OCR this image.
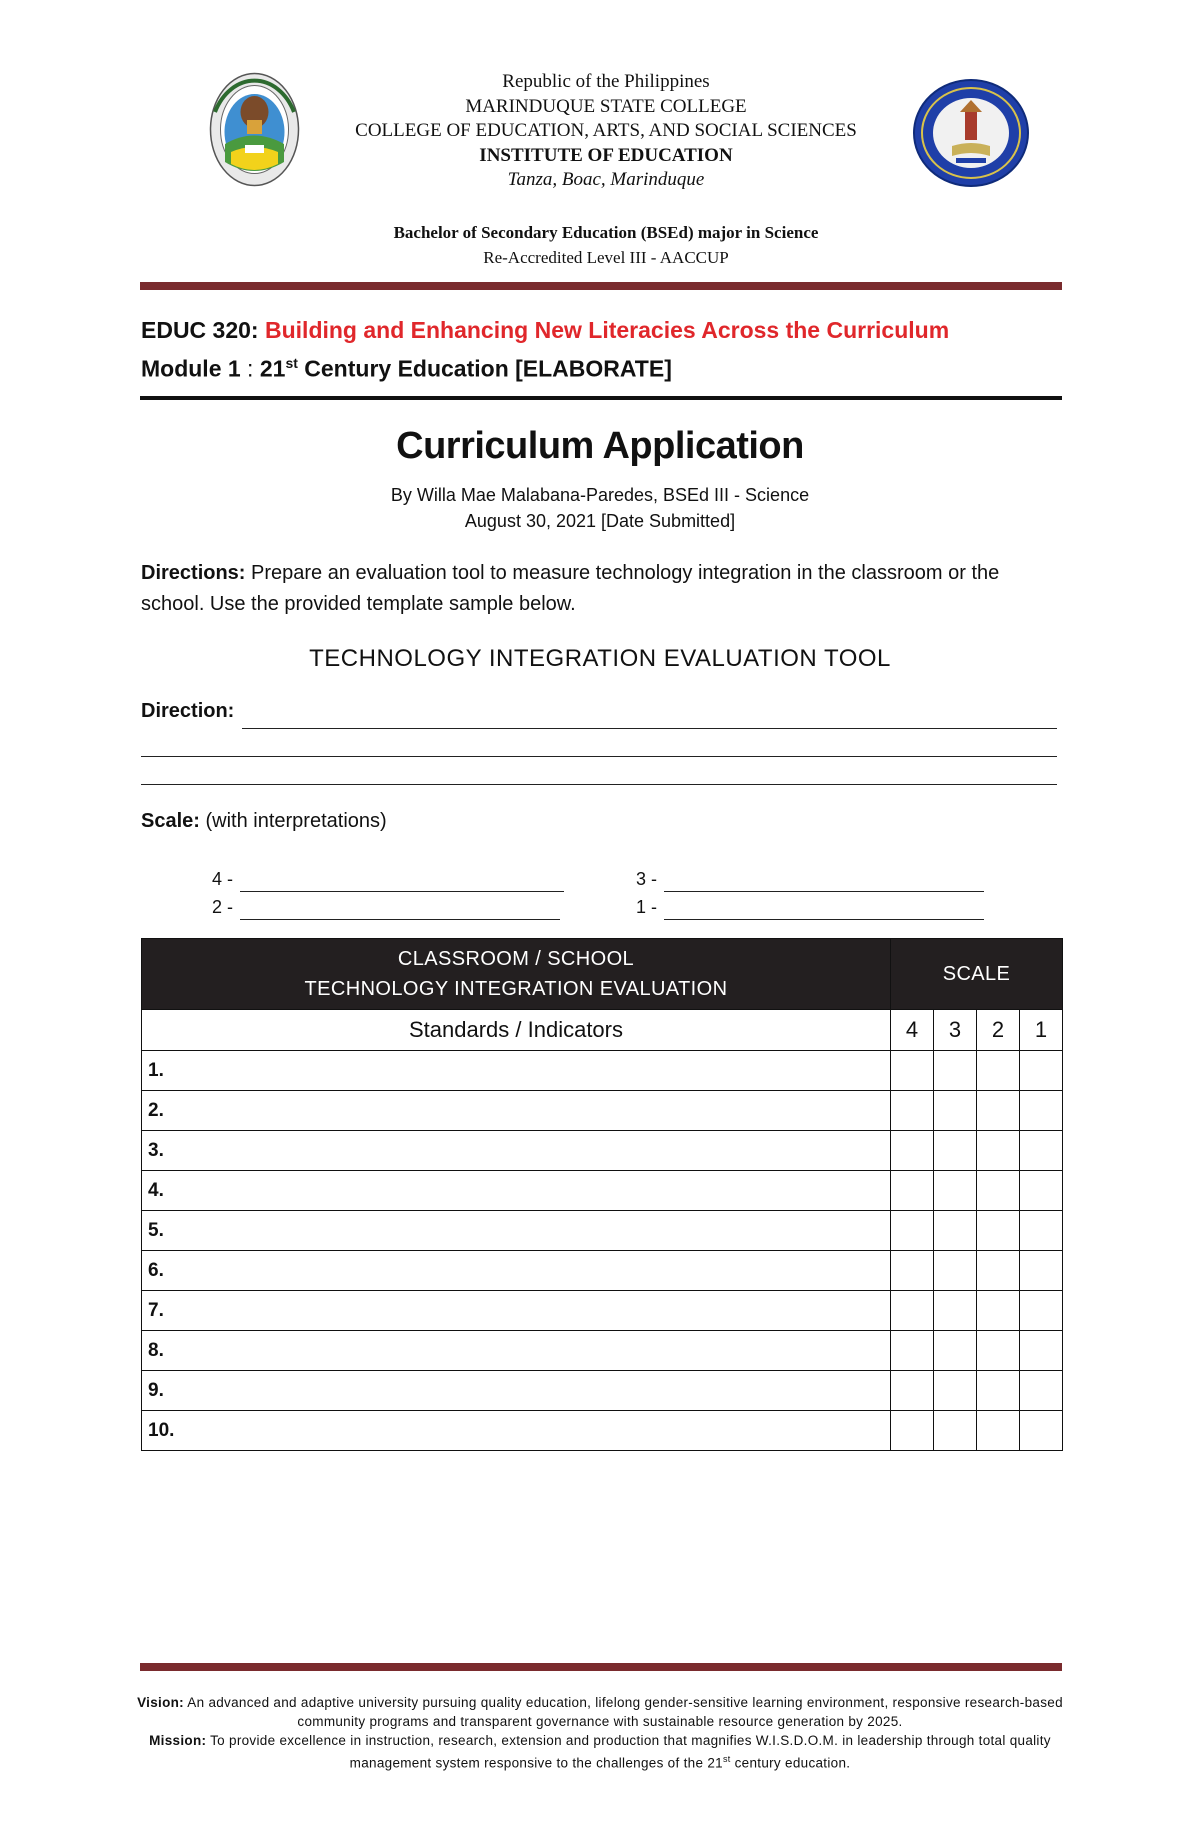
Republic of the Philippines
MARINDUQUE STATE COLLEGE
COLLEGE OF EDUCATION, ARTS, AND SOCIAL SCIENCES
INSTITUTE OF EDUCATION
Tanza, Boac, Marinduque
Bachelor of Secondary Education (BSEd) major in Science
Re-Accredited Level III - AACCUP
EDUC 320: Building and Enhancing New Literacies Across the Curriculum
Module 1 : 21st Century Education [ELABORATE]
Curriculum Application
By Willa Mae Malabana-Paredes, BSEd III - Science
August 30, 2021 [Date Submitted]
Directions: Prepare an evaluation tool to measure technology integration in the classroom or the school. Use the provided template sample below.
TECHNOLOGY INTEGRATION EVALUATION TOOL
Direction:
Scale: (with interpretations)
4 -	3 -
2 -	1 -
CLASSROOM / SCHOOL
TECHNOLOGY INTEGRATION EVALUATION	SCALE			
Standards / Indicators	4	3	2	1
1.				
2.				
3.				
4.				
5.				
6.				
7.				
8.				
9.				
10.				
Vision: An advanced and adaptive university pursuing quality education, lifelong gender-sensitive learning environment, responsive research-based community programs and transparent governance with sustainable resource generation by 2025.
Mission: To provide excellence in instruction, research, extension and production that magnifies W.I.S.D.O.M. in leadership through total quality management system responsive to the challenges of the 21st century education.
